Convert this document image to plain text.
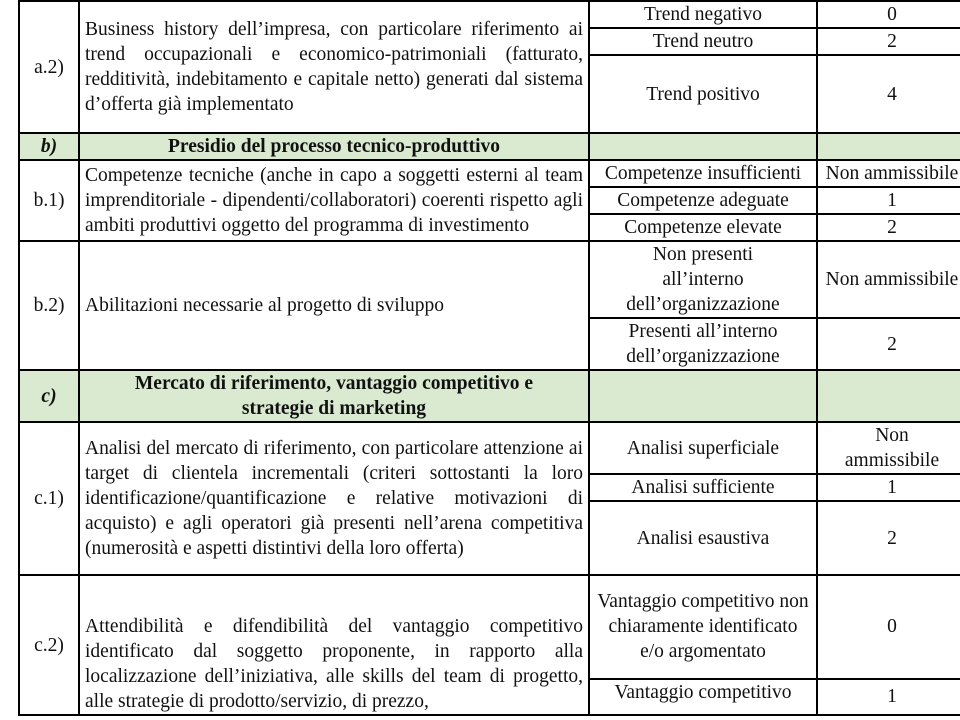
a.2)	Business history dell’impresa, con particolare riferimento ai trend occupazionali e economico-patrimoniali (fatturato, redditività, indebitamento e capitale netto) generati dal sistema d’offerta già implementato	Trend negativo	0
		Trend neutro	2
		Trend positivo	4
b)	Presidio del processo tecnico-produttivo		
b.1)	Competenze tecniche (anche in capo a soggetti esterni al team imprenditoriale - dipendenti/collaboratori) coerenti rispetto agli ambiti produttivi oggetto del programma di investimento	Competenze insufficienti	Non ammissibile
		Competenze adeguate	1
		Competenze elevate	2
b.2)	Abilitazioni necessarie al progetto di sviluppo	Non presenti all’interno dell’organizzazione	Non ammissibile
		Presenti all’interno dell’organizzazione	2
c)	Mercato di riferimento, vantaggio competitivo e strategie di marketing		
c.1)	Analisi del mercato di riferimento, con particolare attenzione ai target di clientela incrementali (criteri sottostanti la loro identificazione/quantificazione e relative motivazioni di acquisto) e agli operatori già presenti nell’arena competitiva (numerosità e aspetti distintivi della loro offerta)	Analisi superficiale	Non ammissibile
		Analisi sufficiente	1
		Analisi esaustiva	2
c.2)	Attendibilità e difendibilità del vantaggio competitivo identificato dal soggetto proponente, in rapporto alla localizzazione dell’iniziativa, alle skills del team di progetto, alle strategie di prodotto/servizio, di prezzo,	Vantaggio competitivo non chiaramente identificato e/o argomentato	0
		Vantaggio competitivo	1
